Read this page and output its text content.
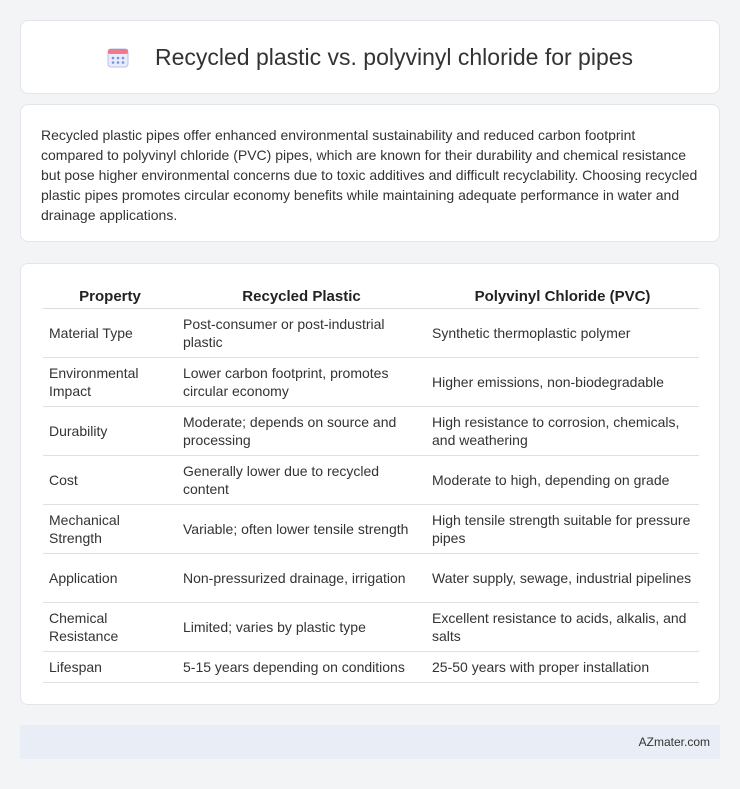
Recycled plastic vs. polyvinyl chloride for pipes

Recycled plastic pipes offer enhanced environmental sustainability and reduced carbon footprint compared to polyvinyl chloride (PVC) pipes, which are known for their durability and chemical resistance but pose higher environmental concerns due to toxic additives and difficult recyclability. Choosing recycled plastic pipes promotes circular economy benefits while maintaining adequate performance in water and drainage applications.

Property	Recycled Plastic	Polyvinyl Chloride (PVC)
Material Type	Post-consumer or post-industrial plastic	Synthetic thermoplastic polymer
Environmental Impact	Lower carbon footprint, promotes circular economy	Higher emissions, non-biodegradable
Durability	Moderate; depends on source and processing	High resistance to corrosion, chemicals, and weathering
Cost	Generally lower due to recycled content	Moderate to high, depending on grade
Mechanical Strength	Variable; often lower tensile strength	High tensile strength suitable for pressure pipes
Application	Non-pressurized drainage, irrigation	Water supply, sewage, industrial pipelines
Chemical Resistance	Limited; varies by plastic type	Excellent resistance to acids, alkalis, and salts
Lifespan	5-15 years depending on conditions	25-50 years with proper installation
AZmater.com
